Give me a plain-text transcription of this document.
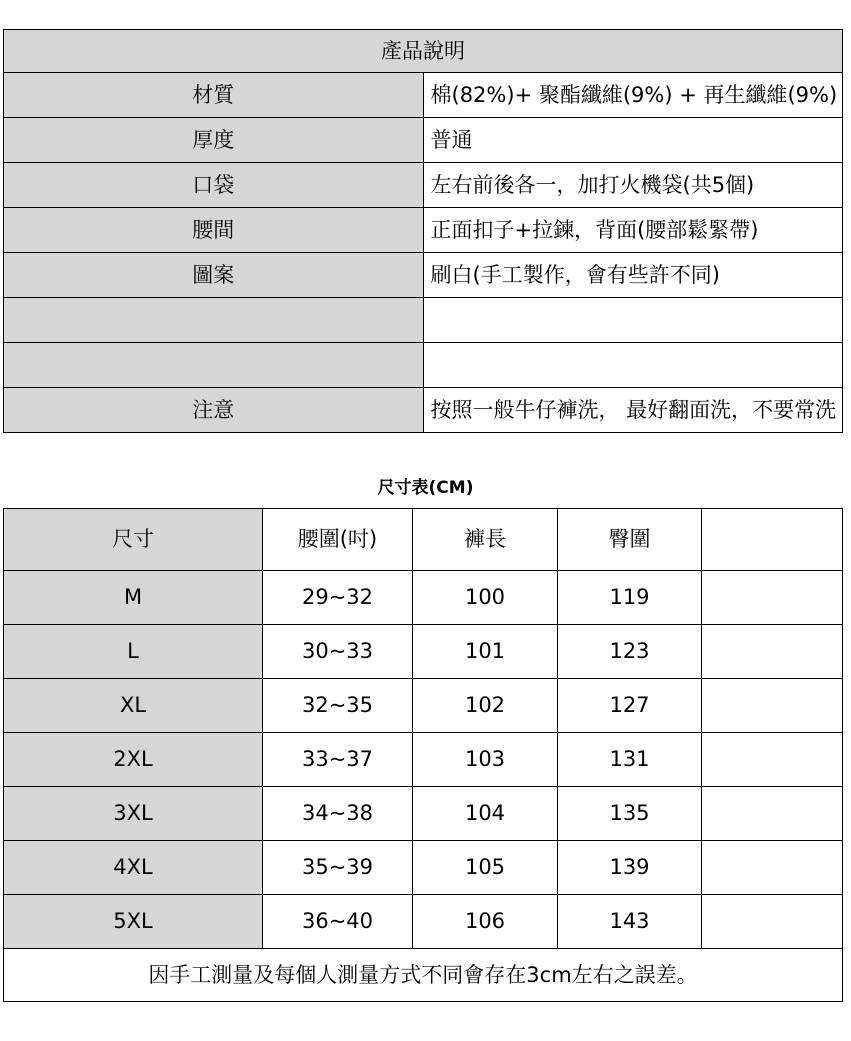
產品說明	
材質	棉(82%)+ 聚酯纖維(9%) + 再生纖維(9%)
厚度	普通
口袋	左右前後各一，加打火機袋(共5個)
腰間	正面扣子+拉鍊，背面(腰部鬆緊帶)
圖案	刷白(手工製作，會有些許不同)

注意	按照一般牛仔褲洗， 最好翻面洗，不要常洗
尺寸表(CM)
尺寸	腰圍(吋)	褲長	臀圍	
M	29~32	100	119	
L	30~33	101	123	
XL	32~35	102	127	
2XL	33~37	103	131	
3XL	34~38	104	135	
4XL	35~39	105	139	
5XL	36~40	106	143	
因手工測量及每個人測量方式不同會存在3cm左右之誤差。				
